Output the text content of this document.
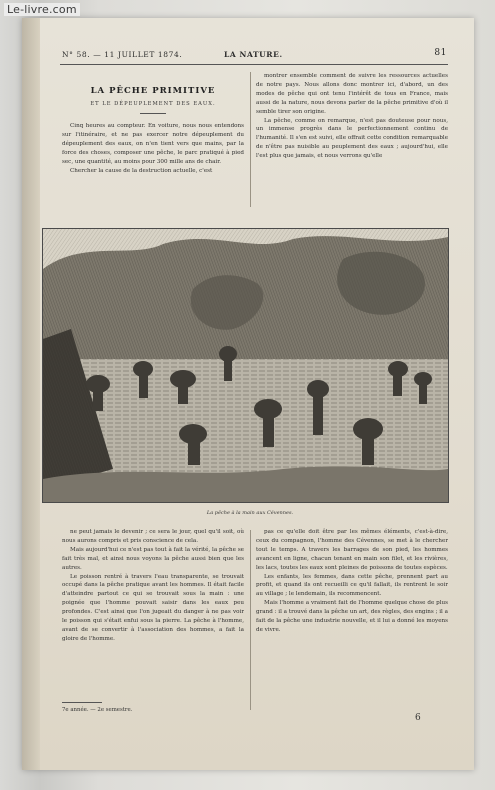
Le-livre.com
N° 58. — 11 JUILLET 1874.	LA NATURE.	81
LA PÊCHE PRIMITIVE
ET LE DÉPEUPLEMENT DES EAUX.

Cinq heures au compteur. En voiture, nous nous entendons sur l'itinéraire, et ne pas exercer notre dépeuplement du dépeuplement des eaux, on n'en tient vers que mains, par la force des choses, composer une pêche, le parc pratiqué à pied sec, une quantité, au moins pour 300 mille ans de chair.

Chercher la cause de la destruction actuelle, c'est

montrer ensemble comment de suivre les ressources actuelles de notre pays. Nous allons donc montrer ici, d'abord, un des modes de pêche qui ont tenu l'intérêt de tous en France, mais aussi de la nature, nous devons parler de la pêche primitive d'où il semble tirer son origine.

La pêche, comme on remarque, n'est pas douteuse pour nous, un immense progrès dans le perfectionnement continu de l'humanité. Il s'en est suivi, elle offrait cette condition remarquable de n'être pas nuisible au peuplement des eaux ; aujourd'hui, elle l'est plus que jamais, et nous verrons qu'elle

La pêche à la main aux Cévennes.

ne peut jamais le devenir ; ce sera le jour, quel qu'il soit, où nous aurons compris et pris conscience de cela.

Mais aujourd'hui ce n'est pas tout à fait la vérité, la pêche se fait très mal, et ainsi nous voyons la pêche aussi bien que les autres.

Le poisson rentré à travers l'eau transparente, se trouvait occupé dans la pêche pratique avant les hommes. Il était facile d'atteindre partout ce qui se trouvait sous la main : une poignée que l'homme pouvait saisir dans les eaux peu profondes. C'est ainsi que l'on jugeait du danger à ne pas voir le poisson qui s'était enfui sous la pierre. La pêche à l'homme, avant de se convertir à l'association des hommes, a fait la gloire de l'homme.

pas ce qu'elle doit être par les mêmes éléments, c'est-à-dire, ceux du compagnon, l'homme des Cévennes, se met à le chercher tout le temps. A travers les barrages de son pied, les hommes avancent en ligne, chacun tenant en main son filet, et les rivières, les lacs, toutes les eaux sont pleines de poissons de toutes espèces.

Les enfants, les femmes, dans cette pêche, prennent part au profit, et quand ils ont recueilli ce qu'il fallait, ils rentrent le soir au village ; le lendemain, ils recommencent.

Mais l'homme a vraiment fait de l'homme quelque chose de plus grand : il a trouvé dans la pêche un art, des règles, des engins ; il a fait de la pêche une industrie nouvelle, et il lui a donné les moyens de vivre.

7e année. — 2e semestre.
6
